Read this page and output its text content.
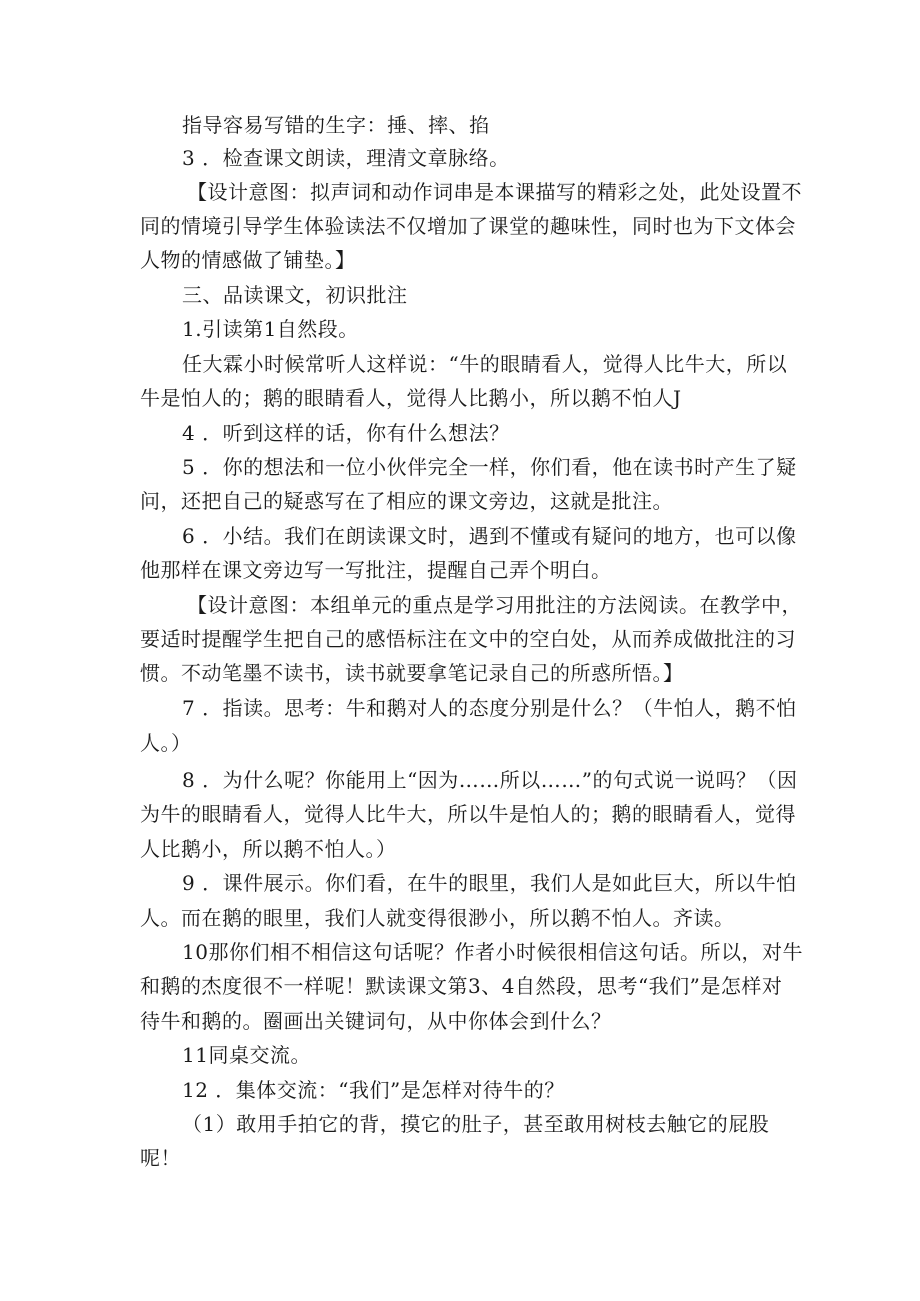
指导容易写错的生字：捶、摔、掐
3 ．检查课文朗读，理清文章脉络。
【设计意图：拟声词和动作词串是本课描写的精彩之处，此处设置不
同的情境引导学生体验读法不仅增加了课堂的趣味性，同时也为下文体会
人物的情感做了铺垫。】
三、品读课文，初识批注
1.引读第1自然段。
任大霖小时候常听人这样说：“牛的眼睛看人，觉得人比牛大，所以
牛是怕人的；鹅的眼睛看人，觉得人比鹅小，所以鹅不怕人J
4 ．听到这样的话，你有什么想法？
5 ．你的想法和一位小伙伴完全一样，你们看，他在读书时产生了疑
问，还把自己的疑惑写在了相应的课文旁边，这就是批注。
6 ．小结。我们在朗读课文时，遇到不懂或有疑问的地方，也可以像
他那样在课文旁边写一写批注，提醒自己弄个明白。
【设计意图：本组单元的重点是学习用批注的方法阅读。在教学中，
要适时提醒学生把自己的感悟标注在文中的空白处，从而养成做批注的习
惯。不动笔墨不读书，读书就要拿笔记录自己的所惑所悟。】
7 ．指读。思考：牛和鹅对人的态度分别是什么？（牛怕人，鹅不怕
人。）
8 ．为什么呢？你能用上“因为……所以……”的句式说一说吗？（因
为牛的眼睛看人，觉得人比牛大，所以牛是怕人的；鹅的眼睛看人，觉得
人比鹅小，所以鹅不怕人。）
9 ．课件展示。你们看，在牛的眼里，我们人是如此巨大，所以牛怕
人。而在鹅的眼里，我们人就变得很渺小，所以鹅不怕人。齐读。
10那你们相不相信这句话呢？作者小时候很相信这句话。所以，对牛
和鹅的杰度很不一样呢！默读课文第3、4自然段，思考“我们”是怎样对
待牛和鹅的。圈画出关键词句，从中你体会到什么？
11同桌交流。
12 ．集体交流：“我们”是怎样对待牛的？
（1）敢用手拍它的背，摸它的肚子，甚至敢用树枝去触它的屁股
呢！
